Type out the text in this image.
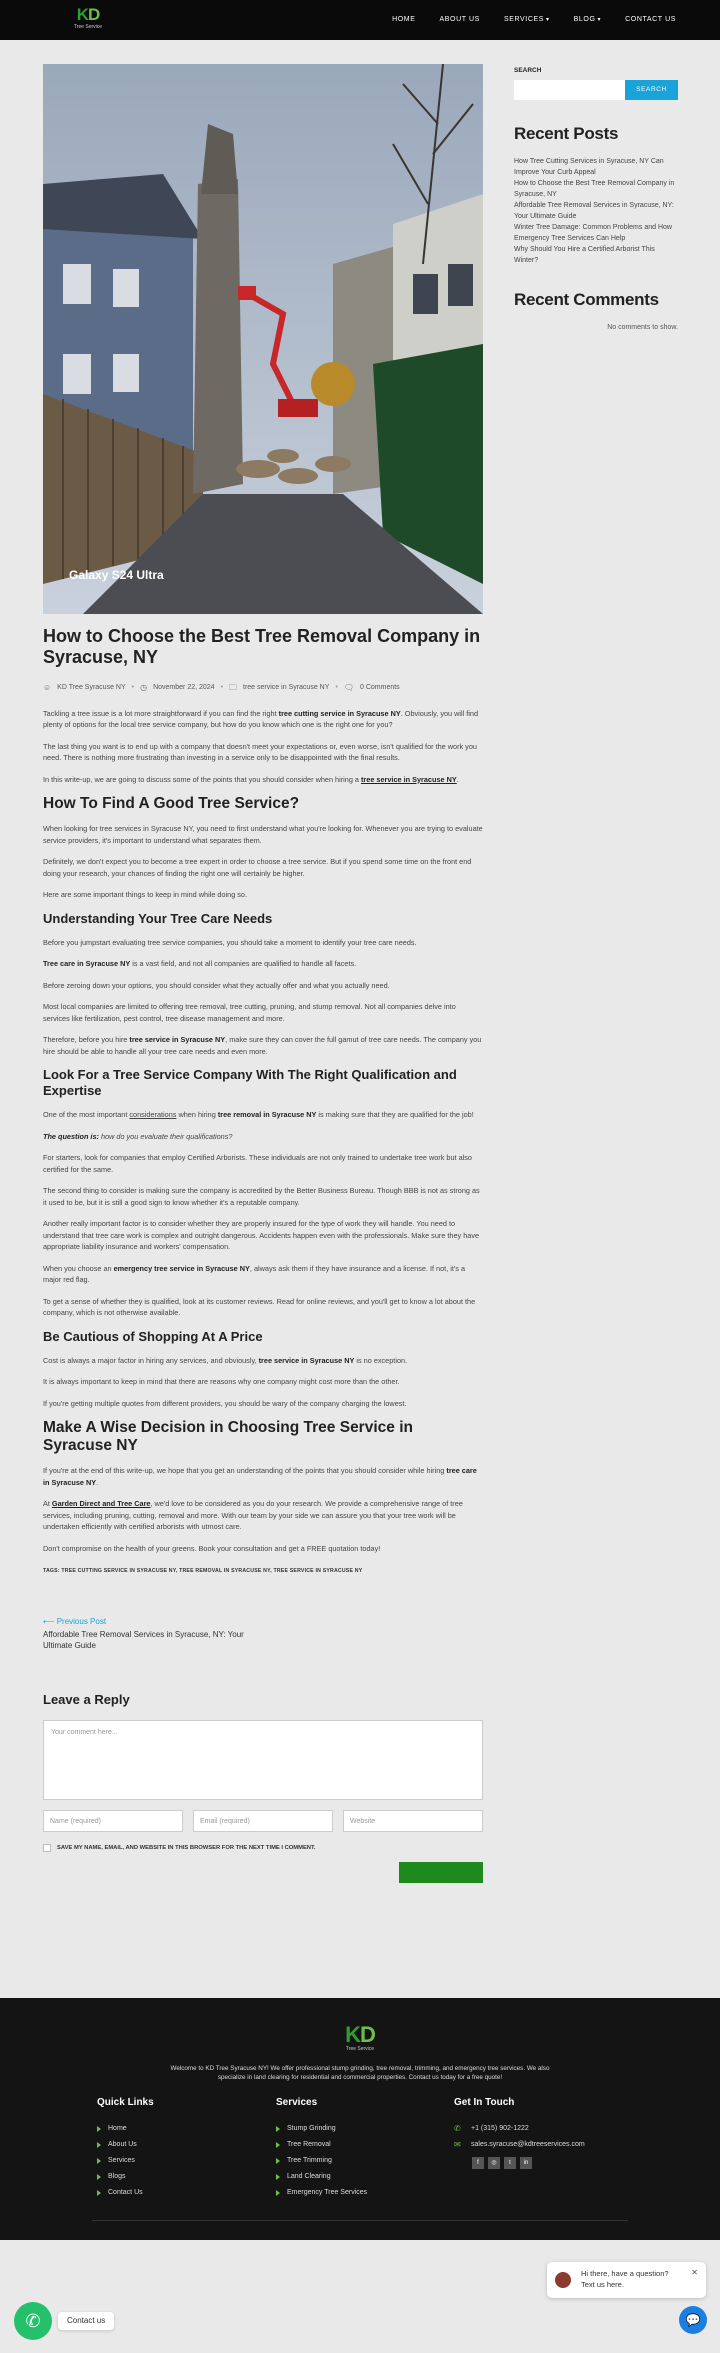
KD
Tree Service
HOME	ABOUT US	SERVICES ▾	BLOG ▾	CONTACT US
Galaxy S24 Ultra
How to Choose the Best Tree Removal Company in Syracuse, NY
☺ KD Tree Syracuse NY • ◷ November 22, 2024 • 🗀 tree service in Syracuse NY • 🗨 0 Comments

Tackling a tree issue is a lot more straightforward if you can find the right tree cutting service in Syracuse NY. Obviously, you will find plenty of options for the local tree service company, but how do you know which one is the right one for you?

The last thing you want is to end up with a company that doesn't meet your expectations or, even worse, isn't qualified for the work you need. There is nothing more frustrating than investing in a service only to be disappointed with the final results.

In this write-up, we are going to discuss some of the points that you should consider when hiring a tree service in Syracuse NY.

How To Find A Good Tree Service?

When looking for tree services in Syracuse NY, you need to first understand what you're looking for. Whenever you are trying to evaluate service providers, it's important to understand what separates them.

Definitely, we don't expect you to become a tree expert in order to choose a tree service. But if you spend some time on the front end doing your research, your chances of finding the right one will certainly be higher.

Here are some important things to keep in mind while doing so.

Understanding Your Tree Care Needs

Before you jumpstart evaluating tree service companies, you should take a moment to identify your tree care needs.

Tree care in Syracuse NY is a vast field, and not all companies are qualified to handle all facets.

Before zeroing down your options, you should consider what they actually offer and what you actually need.

Most local companies are limited to offering tree removal, tree cutting, pruning, and stump removal. Not all companies delve into services like fertilization, pest control, tree disease management and more.

Therefore, before you hire tree service in Syracuse NY, make sure they can cover the full gamut of tree care needs. The company you hire should be able to handle all your tree care needs and even more.

Look For a Tree Service Company With The Right Qualification and Expertise

One of the most important considerations when hiring tree removal in Syracuse NY is making sure that they are qualified for the job!

The question is: how do you evaluate their qualifications?

For starters, look for companies that employ Certified Arborists. These individuals are not only trained to undertake tree work but also certified for the same.

The second thing to consider is making sure the company is accredited by the Better Business Bureau. Though BBB is not as strong as it used to be, but it is still a good sign to know whether it's a reputable company.

Another really important factor is to consider whether they are properly insured for the type of work they will handle. You need to understand that tree care work is complex and outright dangerous. Accidents happen even with the professionals. Make sure they have appropriate liability insurance and workers' compensation.

When you choose an emergency tree service in Syracuse NY, always ask them if they have insurance and a license. If not, it's a major red flag.

To get a sense of whether they is qualified, look at its customer reviews. Read for online reviews, and you'll get to know a lot about the company, which is not otherwise available.

Be Cautious of Shopping At A Price

Cost is always a major factor in hiring any services, and obviously, tree service in Syracuse NY is no exception.

It is always important to keep in mind that there are reasons why one company might cost more than the other.

If you're getting multiple quotes from different providers, you should be wary of the company charging the lowest.

Make A Wise Decision in Choosing Tree Service in Syracuse NY

If you're at the end of this write-up, we hope that you get an understanding of the points that you should consider while hiring tree care in Syracuse NY.

At Garden Direct and Tree Care, we'd love to be considered as you do your research. We provide a comprehensive range of tree services, including pruning, cutting, removal and more. With our team by your side we can assure you that your tree work will be undertaken efficiently with certified arborists with utmost care.

Don't compromise on the health of your greens. Book your consultation and get a FREE quotation today!

TAGS: TREE CUTTING SERVICE IN SYRACUSE NY, TREE REMOVAL IN SYRACUSE NY, TREE SERVICE IN SYRACUSE NY
⟵ Previous Post
Affordable Tree Removal Services in Syracuse, NY: Your Ultimate Guide
Leave a Reply
Your comment here...
Name (required)	Email (required)	Website
SAVE MY NAME, EMAIL, AND WEBSITE IN THIS BROWSER FOR THE NEXT TIME I COMMENT.
Post Comment
SEARCH
SEARCH
Recent Posts
How Tree Cutting Services in Syracuse, NY Can Improve Your Curb Appeal
How to Choose the Best Tree Removal Company in Syracuse, NY
Affordable Tree Removal Services in Syracuse, NY: Your Ultimate Guide
Winter Tree Damage: Common Problems and How Emergency Tree Services Can Help
Why Should You Hire a Certified Arborist This Winter?
Recent Comments
No comments to show.
KD
Tree Service
Welcome to KD Tree Syracuse NY! We offer professional stump grinding, tree removal, trimming, and emergency tree services. We also specialize in land clearing for residential and commercial properties. Contact us today for a free quote!
Quick Links
Home
About Us
Services
Blogs
Contact Us
Services
Stump Grinding
Tree Removal
Tree Trimming
Land Clearing
Emergency Tree Services
Get In Touch
✆	+1 (315) 902-1222
✉	sales.syracuse@kdtreeservices.com
f	◎	t	in
Hi there, have a question?
Text us here.
✕
💬
✆	Contact us
